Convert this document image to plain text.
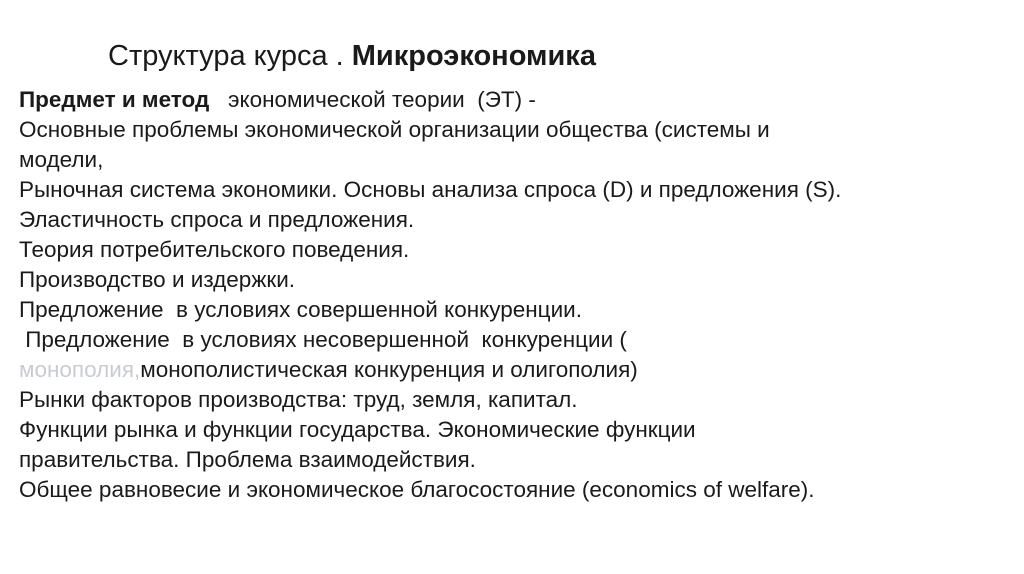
Структура курса . Микроэкономика
Предмет и метод   экономической теории  (ЭТ) -
Основные проблемы экономической организации общества (системы и
модели,
Рыночная система экономики. Основы анализа спроса (D) и предложения (S).
Эластичность спроса и предложения.
Теория потребительского поведения.
Производство и издержки.
Предложение  в условиях совершенной конкуренции.
Предложение  в условиях несовершенной  конкуренции (
монополия,монополистическая конкуренция и олигополия)
Рынки факторов производства: труд, земля, капитал.
Функции рынка и функции государства. Экономические функции
правительства. Проблема взаимодействия.
Общее равновесие и экономическое благосостояние (economics of welfare).
